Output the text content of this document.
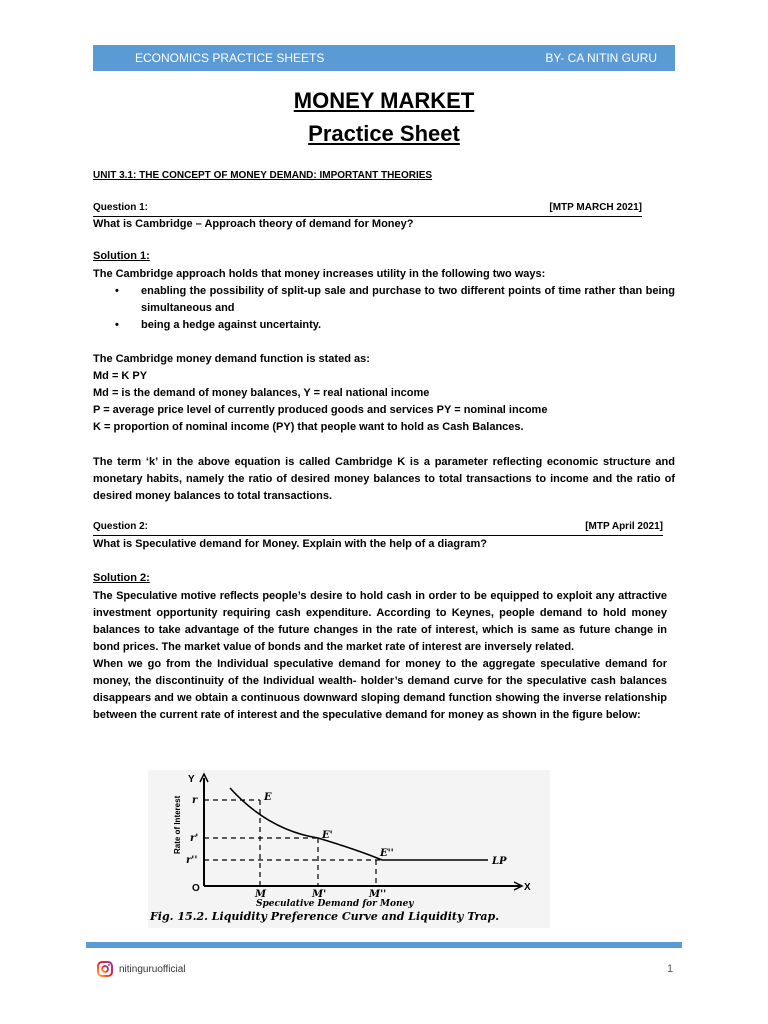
ECONOMICS PRACTICE SHEETS	BY- CA NITIN GURU
MONEY MARKET
Practice Sheet
UNIT 3.1: THE CONCEPT OF MONEY DEMAND: IMPORTANT THEORIES
Question 1:	[MTP MARCH 2021]
What is Cambridge – Approach theory of demand for Money?
Solution 1:
The Cambridge approach holds that money increases utility in the following two ways:
• enabling the possibility of split-up sale and purchase to two different points of time rather than being simultaneous and
• being a hedge against uncertainty.
The Cambridge money demand function is stated as:
Md = K PY
Md = is the demand of money balances, Y = real national income
P = average price level of currently produced goods and services PY = nominal income
K = proportion of nominal income (PY) that people want to hold as Cash Balances.
The term ‘k’ in the above equation is called Cambridge K is a parameter reflecting economic structure and monetary habits, namely the ratio of desired money balances to total transactions to income and the ratio of desired money balances to total transactions.
Question 2:	[MTP April 2021]
What is Speculative demand for Money. Explain with the help of a diagram?
Solution 2:
The Speculative motive reflects people’s desire to hold cash in order to be equipped to exploit any attractive investment opportunity requiring cash expenditure. According to Keynes, people demand to hold money balances to take advantage of the future changes in the rate of interest, which is same as future change in bond prices. The market value of bonds and the market rate of interest are inversely related.
When we go from the Individual speculative demand for money to the aggregate speculative demand for money, the discontinuity of the Individual wealth- holder’s demand curve for the speculative cash balances disappears and we obtain a continuous downward sloping demand function showing the inverse relationship between the current rate of interest and the speculative demand for money as shown in the figure below:
Y
X
O
Rate of Interest r
r'
r''
E
E'
E''
LP
M	M'	M''
Speculative Demand for Money
Fig. 15.2. Liquidity Preference Curve and Liquidity Trap.
nitinguruofficial	1
